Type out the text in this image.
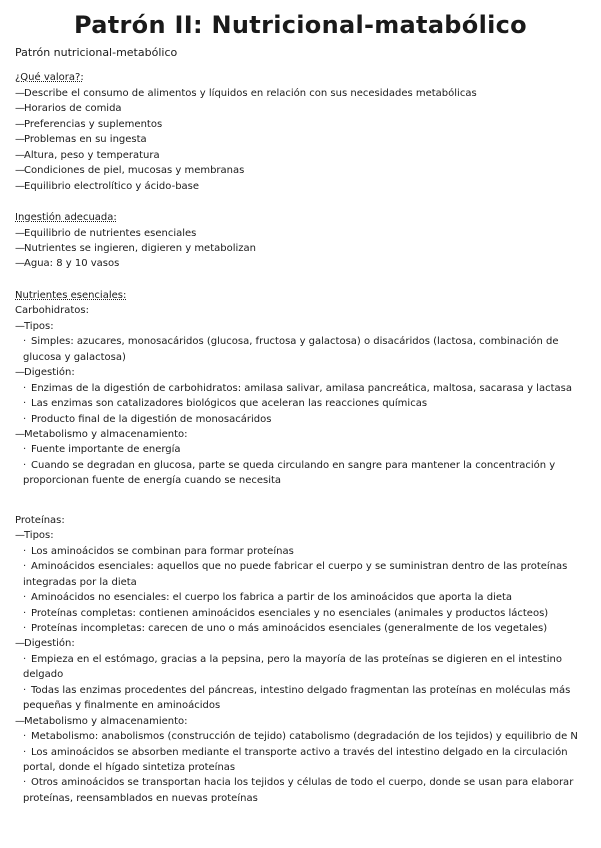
Patrón II: Nutricional-matabólico
Patrón nutricional-metabólico
¿Qué valora?:
— Describe el consumo de alimentos y líquidos en relación con sus necesidades metabólicas
— Horarios de comida
— Preferencias y suplementos
— Problemas en su ingesta
— Altura, peso y temperatura
— Condiciones de piel, mucosas y membranas
— Equilibrio electrolítico y ácido-base
Ingestión adecuada:
— Equilibrio de nutrientes esenciales
— Nutrientes se ingieren, digieren y metabolizan
— Agua: 8 y 10 vasos
Nutrientes esenciales:
Carbohidratos:
— Tipos:
· Simples: azucares, monosacáridos (glucosa, fructosa y galactosa) o disacáridos (lactosa, combinación de glucosa y galactosa)
— Digestión:
· Enzimas de la digestión de carbohidratos: amilasa salivar, amilasa pancreática, maltosa, sacarasa y lactasa
· Las enzimas son catalizadores biológicos que aceleran las reacciones químicas
· Producto final de la digestión de monosacáridos
— Metabolismo y almacenamiento:
· Fuente importante de energía
· Cuando se degradan en glucosa, parte se queda circulando en sangre para mantener la concentración y proporcionan fuente de energía cuando se necesita
Proteínas:
— Tipos:
· Los aminoácidos se combinan para formar proteínas
· Aminoácidos esenciales: aquellos que no puede fabricar el cuerpo y se suministran dentro de las proteínas integradas por la dieta
· Aminoácidos no esenciales: el cuerpo los fabrica a partir de los aminoácidos que aporta la dieta
· Proteínas completas: contienen aminoácidos esenciales y no esenciales (animales y productos lácteos)
· Proteínas incompletas: carecen de uno o más aminoácidos esenciales (generalmente de los vegetales)
— Digestión:
· Empieza en el estómago, gracias a la pepsina, pero la mayoría de las proteínas se digieren en el intestino delgado
· Todas las enzimas procedentes del páncreas, intestino delgado fragmentan las proteínas en moléculas más pequeñas y finalmente en aminoácidos
— Metabolismo y almacenamiento:
· Metabolismo: anabolismos (construcción de tejido) catabolismo (degradación de los tejidos) y equilibrio de N
· Los aminoácidos se absorben mediante el transporte activo a través del intestino delgado en la circulación portal, donde el hígado sintetiza proteínas
· Otros aminoácidos se transportan hacia los tejidos y células de todo el cuerpo, donde se usan para elaborar proteínas, reensamblados en nuevas proteínas
